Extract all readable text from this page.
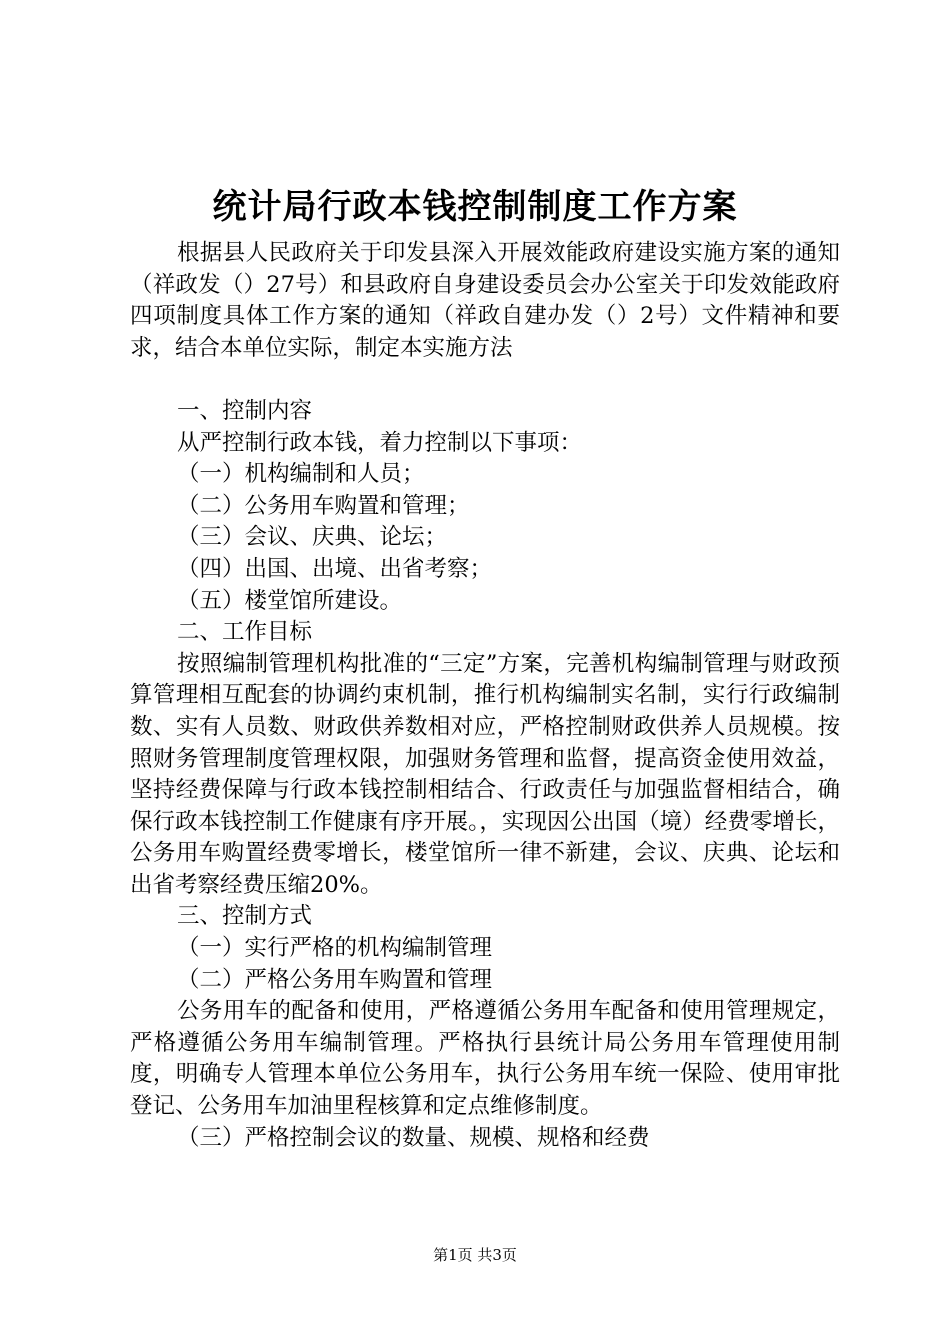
统计局行政本钱控制制度工作方案

根据县人民政府关于印发县深入开展效能政府建设实施方案的通知（祥政发（）27号）和县政府自身建设委员会办公室关于印发效能政府四项制度具体工作方案的通知（祥政自建办发（）2号）文件精神和要求，结合本单位实际，制定本实施方法

一、控制内容

从严控制行政本钱，着力控制以下事项：

（一）机构编制和人员；

（二）公务用车购置和管理；

（三）会议、庆典、论坛；

（四）出国、出境、出省考察；

（五）楼堂馆所建设。

二、工作目标

按照编制管理机构批准的“三定”方案，完善机构编制管理与财政预算管理相互配套的协调约束机制，推行机构编制实名制，实行行政编制数、实有人员数、财政供养数相对应，严格控制财政供养人员规模。按照财务管理制度管理权限，加强财务管理和监督，提高资金使用效益，坚持经费保障与行政本钱控制相结合、行政责任与加强监督相结合，确保行政本钱控制工作健康有序开展。，实现因公出国（境）经费零增长，公务用车购置经费零增长，楼堂馆所一律不新建，会议、庆典、论坛和出省考察经费压缩20%。

三、控制方式

（一）实行严格的机构编制管理

（二）严格公务用车购置和管理

公务用车的配备和使用，严格遵循公务用车配备和使用管理规定，严格遵循公务用车编制管理。严格执行县统计局公务用车管理使用制度，明确专人管理本单位公务用车，执行公务用车统一保险、使用审批登记、公务用车加油里程核算和定点维修制度。

（三）严格控制会议的数量、规模、规格和经费

第1页 共3页
